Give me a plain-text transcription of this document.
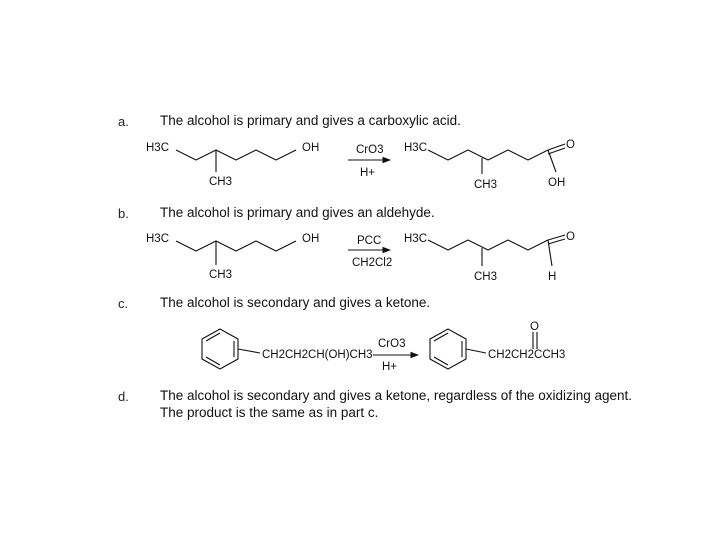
a. The alcohol is primary and gives a carboxylic acid.
b. The alcohol is primary and gives an aldehyde.
c. The alcohol is secondary and gives a ketone.
d. The alcohol is secondary and gives a ketone, regardless of the oxidizing agent.
The product is the same as in part c.
H3C	OH
CH3
CrO3
H+
H3C
CH3
O
OH
H3C	OH
CH3
PCC
CH2Cl2
H3C
CH3
O
H
CH2CH2CH(OH)CH3
CrO3
H+
CH2CH2CCH3
O
